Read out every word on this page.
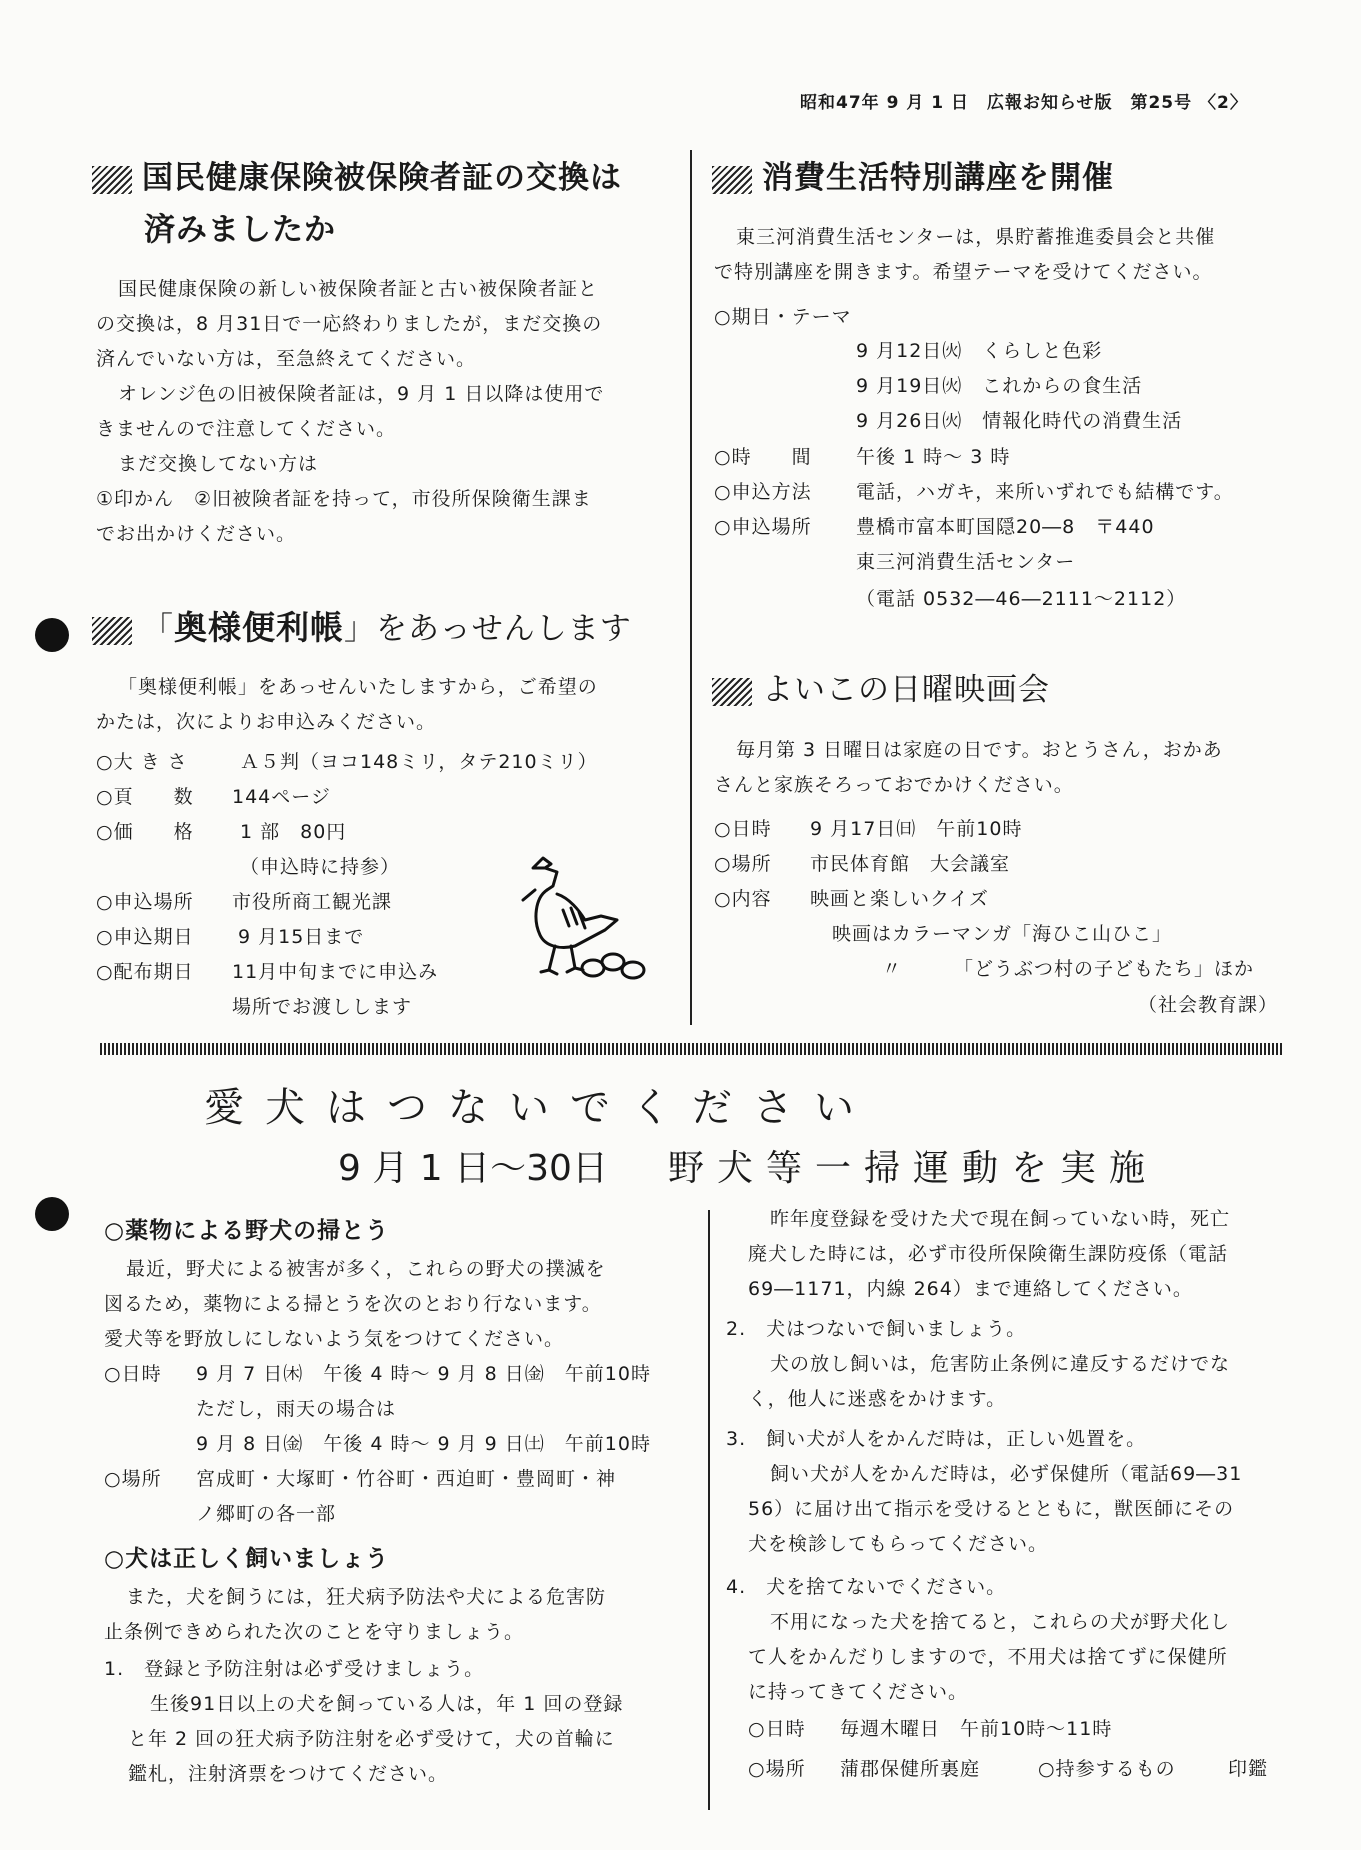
昭和47年 9 月 1 日　広報お知らせ版　第25号 〈2〉
国民健康保険被保険者証の交換は
済みましたか
国民健康保険の新しい被保険者証と古い被保険者証と
の交換は，8 月31日で一応終わりましたが，まだ交換の
済んでいない方は，至急終えてください。
オレンジ色の旧被保険者証は，9 月 1 日以降は使用で
きませんので注意してください。
まだ交換してない方は
①印かん　②旧被険者証を持って，市役所保険衛生課ま
でお出かけください。
「奥様便利帳」をあっせんします
「奥様便利帳」をあっせんいたしますから，ご希望の
かたは，次によりお申込みください。
○大 き さ	Ａ５判（ヨコ148ミリ，タテ210ミリ）
○頁　　数 144ページ
○価　　格 1 部　80円
（申込時に持参）
○申込場所 市役所商工観光課
○申込期日 9 月15日まで
○配布期日 11月中旬までに申込み
場所でお渡しします
消費生活特別講座を開催
東三河消費生活センターは，県貯蓄推進委員会と共催
で特別講座を開きます。希望テーマを受けてください。
○期日・テーマ
9 月12日㈫　くらしと色彩
9 月19日㈫　これからの食生活
9 月26日㈫　情報化時代の消費生活
○時　　間 午後 1 時～ 3 時
○申込方法 電話，ハガキ，来所いずれでも結構です。
○申込場所 豊橋市富本町国隠20―8　〒440
東三河消費生活センター
（電話 0532―46―2111～2112）
よいこの日曜映画会
毎月第 3 日曜日は家庭の日です。おとうさん，おかあ
さんと家族そろっておでかけください。
○日時 9 月17日㈰　午前10時
○場所 市民体育館　大会議室
○内容 映画と楽しいクイズ
映画はカラーマンガ「海ひこ山ひこ」
〃	「どうぶつ村の子どもたち」ほか
（社会教育課）
愛犬はつないでください
9 月 1 日～30日 野犬等一掃運動を実施
○薬物による野犬の掃とう
最近，野犬による被害が多く，これらの野犬の撲滅を
図るため，薬物による掃とうを次のとおり行ないます。
愛犬等を野放しにしないよう気をつけてください。
○日時 9 月 7 日㈭　午後 4 時～ 9 月 8 日㈮　午前10時
ただし，雨天の場合は
9 月 8 日㈮　午後 4 時～ 9 月 9 日㈯　午前10時
○場所 宮成町・大塚町・竹谷町・西迫町・豊岡町・神
ノ郷町の各一部
○犬は正しく飼いましょう
また，犬を飼うには，狂犬病予防法や犬による危害防
止条例できめられた次のことを守りましょう。
1.　登録と予防注射は必ず受けましょう。
生後91日以上の犬を飼っている人は，年 1 回の登録
と年 2 回の狂犬病予防注射を必ず受けて，犬の首輪に
鑑札，注射済票をつけてください。
昨年度登録を受けた犬で現在飼っていない時，死亡
廃犬した時には，必ず市役所保険衛生課防疫係（電話
69―1171，内線 264）まで連絡してください。
2.　犬はつないで飼いましょう。
犬の放し飼いは，危害防止条例に違反するだけでな
く，他人に迷惑をかけます。
3.　飼い犬が人をかんだ時は，正しい処置を。
飼い犬が人をかんだ時は，必ず保健所（電話69―31
56）に届け出て指示を受けるとともに，獣医師にその
犬を検診してもらってください。
4.　犬を捨てないでください。
不用になった犬を捨てると，これらの犬が野犬化し
て人をかんだりしますので，不用犬は捨てずに保健所
に持ってきてください。
○日時 毎週木曜日　午前10時～11時
○場所 蒲郡保健所裏庭	○持参するもの	印鑑
